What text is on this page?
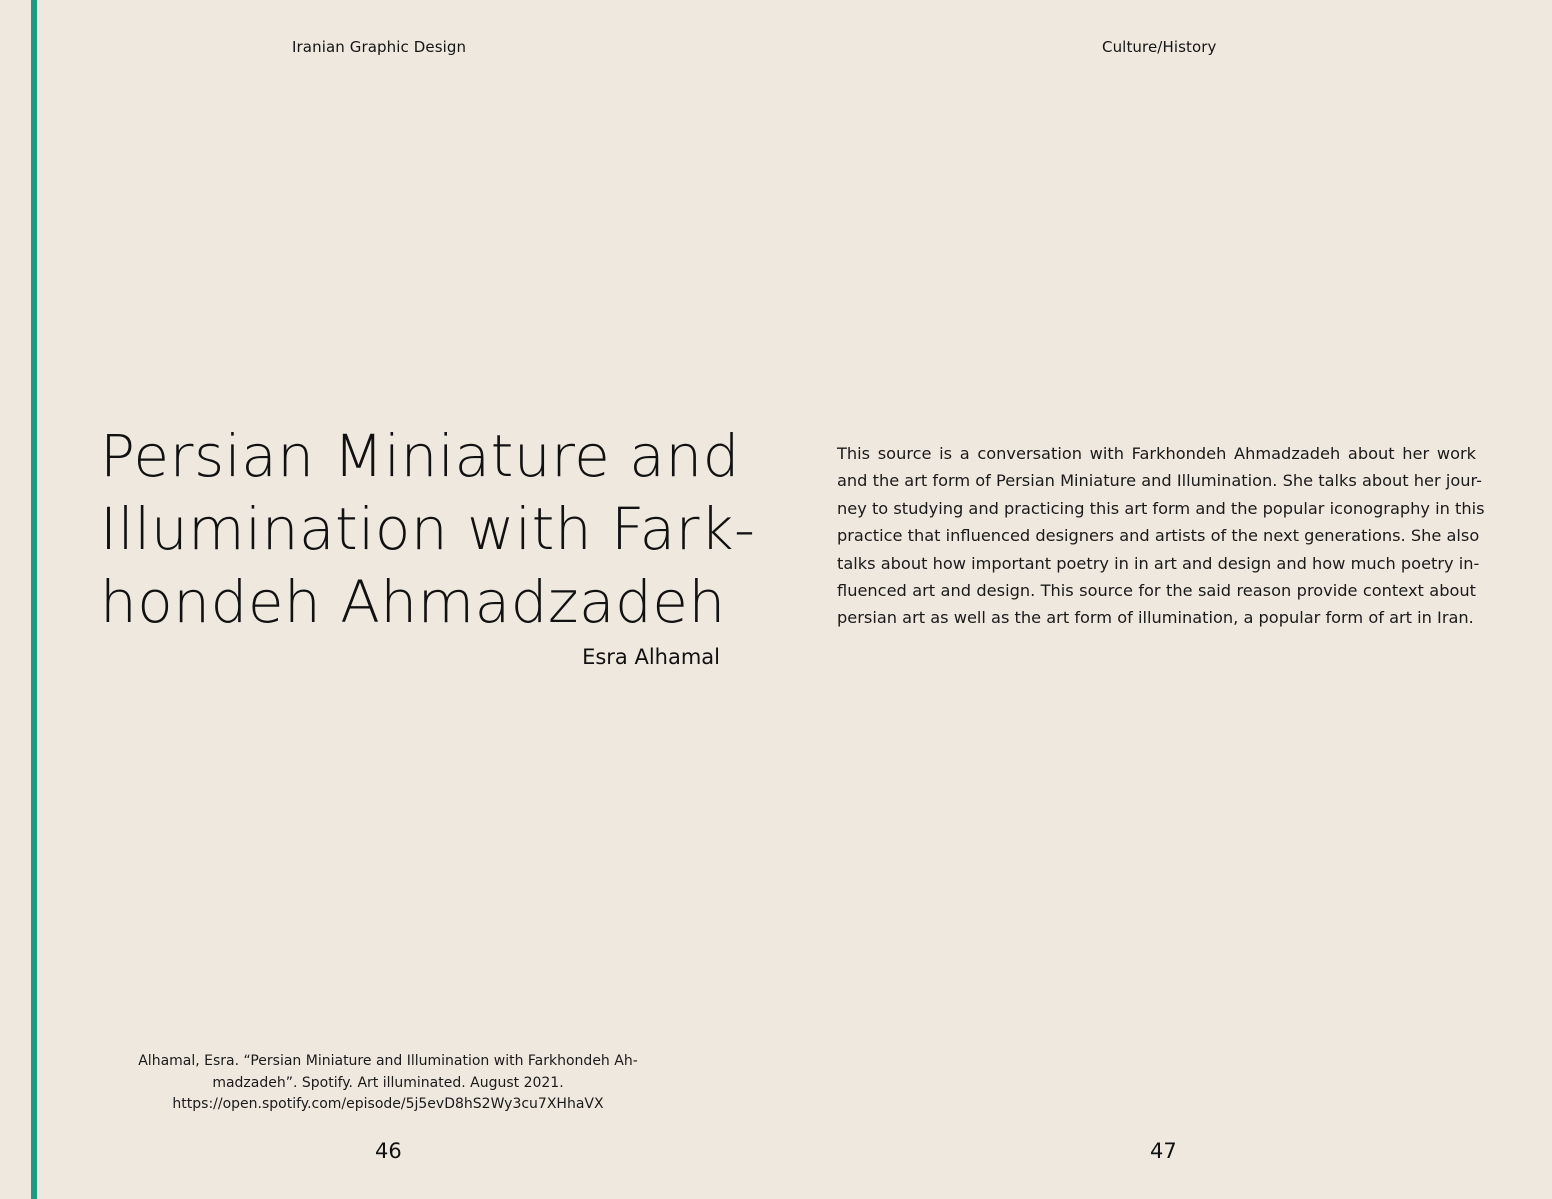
Iranian Graphic Design	Culture/History
Persian Miniature and
Illumination with Fark-
hondeh Ahmadzadeh
Esra Alhamal
This source is a conversation with Farkhondeh Ahmadzadeh about her work
and the art form of Persian Miniature and Illumination. She talks about her jour-
ney to studying and practicing this art form and the popular iconography in this
practice that influenced designers and artists of the next generations. She also
talks about how important poetry in in art and design and how much poetry in-
fluenced art and design. This source for the said reason provide context about
persian art as well as the art form of illumination, a popular form of art in Iran.
Alhamal, Esra. “Persian Miniature and Illumination with Farkhondeh Ah-
madzadeh”. Spotify. Art illuminated. August 2021.
https://open.spotify.com/episode/5j5evD8hS2Wy3cu7XHhaVX
46	47
